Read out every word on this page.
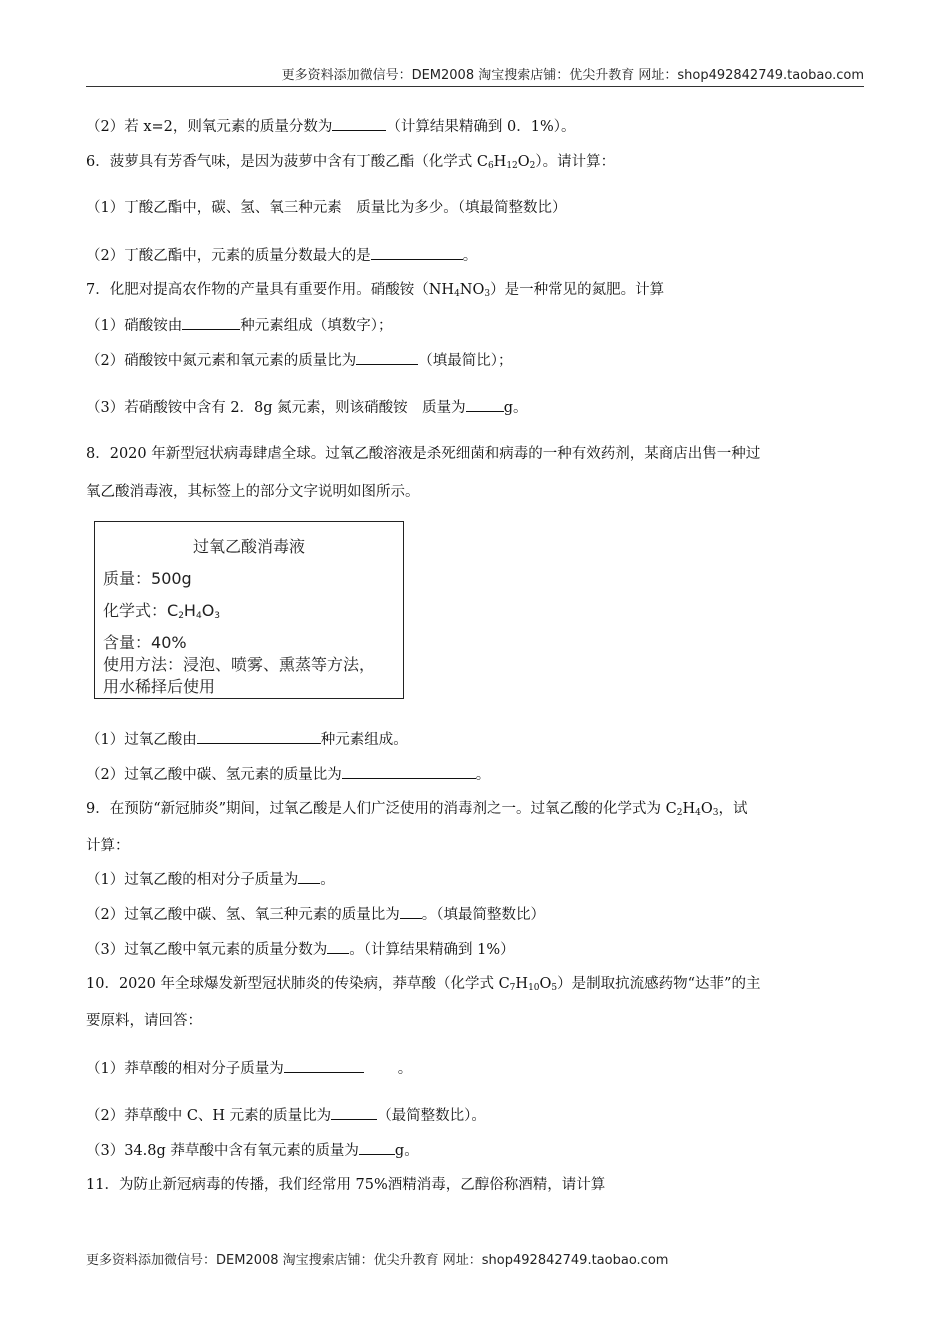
更多资料添加微信号：DEM2008 淘宝搜索店铺：优尖升教育 网址：shop492842749.taobao.com
（2）若 x=2，则氧元素的质量分数为	（计算结果精确到 0．1%）。
6．菠萝具有芳香气味，是因为菠萝中含有丁酸乙酯（化学式 $C_6H_{12}O_2$）。请计算：
（1）丁酸乙酯中，碳、氢、氧三种元素　质量比为多少。（填最简整数比）
（2）丁酸乙酯中，元素的质量分数最大的是	。
7．化肥对提高农作物的产量具有重要作用。硝酸铵$(NH_4NO_3)$是一种常见的氮肥。计算
（1）硝酸铵由	种元素组成（填数字）；
（2）硝酸铵中氮元素和氧元素的质量比为	（填最简比）；
（3）若硝酸铵中含有 2．8g 氮元素，则该硝酸铵　质量为	g。
8．2020 年新型冠状病毒肆虐全球。过氧乙酸溶液是杀死细菌和病毒的一种有效药剂，某商店出售一种过
氧乙酸消毒液，其标签上的部分文字说明如图所示。
过氧乙酸消毒液
质量：500g
化学式：$C_2H_4O_3$
含量：40%
使用方法：浸泡、喷雾、熏蒸等方法，
用水稀择后使用
（1）过氧乙酸由	种元素组成。
（2）过氧乙酸中碳、氢元素的质量比为	。
9．在预防“新冠肺炎”期间，过氧乙酸是人们广泛使用的消毒剂之一。过氧乙酸的化学式为 $C_2H_4O_3$，试
计算：
（1）过氧乙酸的相对分子质量为 。
（2）过氧乙酸中碳、氢、氧三种元素的质量比为 。（填最简整数比）
（3）过氧乙酸中氧元素的质量分数为 。（计算结果精确到 1%）
10．2020 年全球爆发新型冠状肺炎的传染病，莽草酸（化学式 $C_7H_{10}O_5$）是制取抗流感药物“达菲”的主
要原料，请回答：
（1）莽草酸的相对分子质量为	。
（2）莽草酸中 C、H 元素的质量比为	（最简整数比）。
（3）34.8g 莽草酸中含有氧元素的质量为 g。
11．为防止新冠病毒的传播，我们经常用 75%酒精消毒，乙醇俗称酒精，请计算
更多资料添加微信号：DEM2008 淘宝搜索店铺：优尖升教育 网址：shop492842749.taobao.com
